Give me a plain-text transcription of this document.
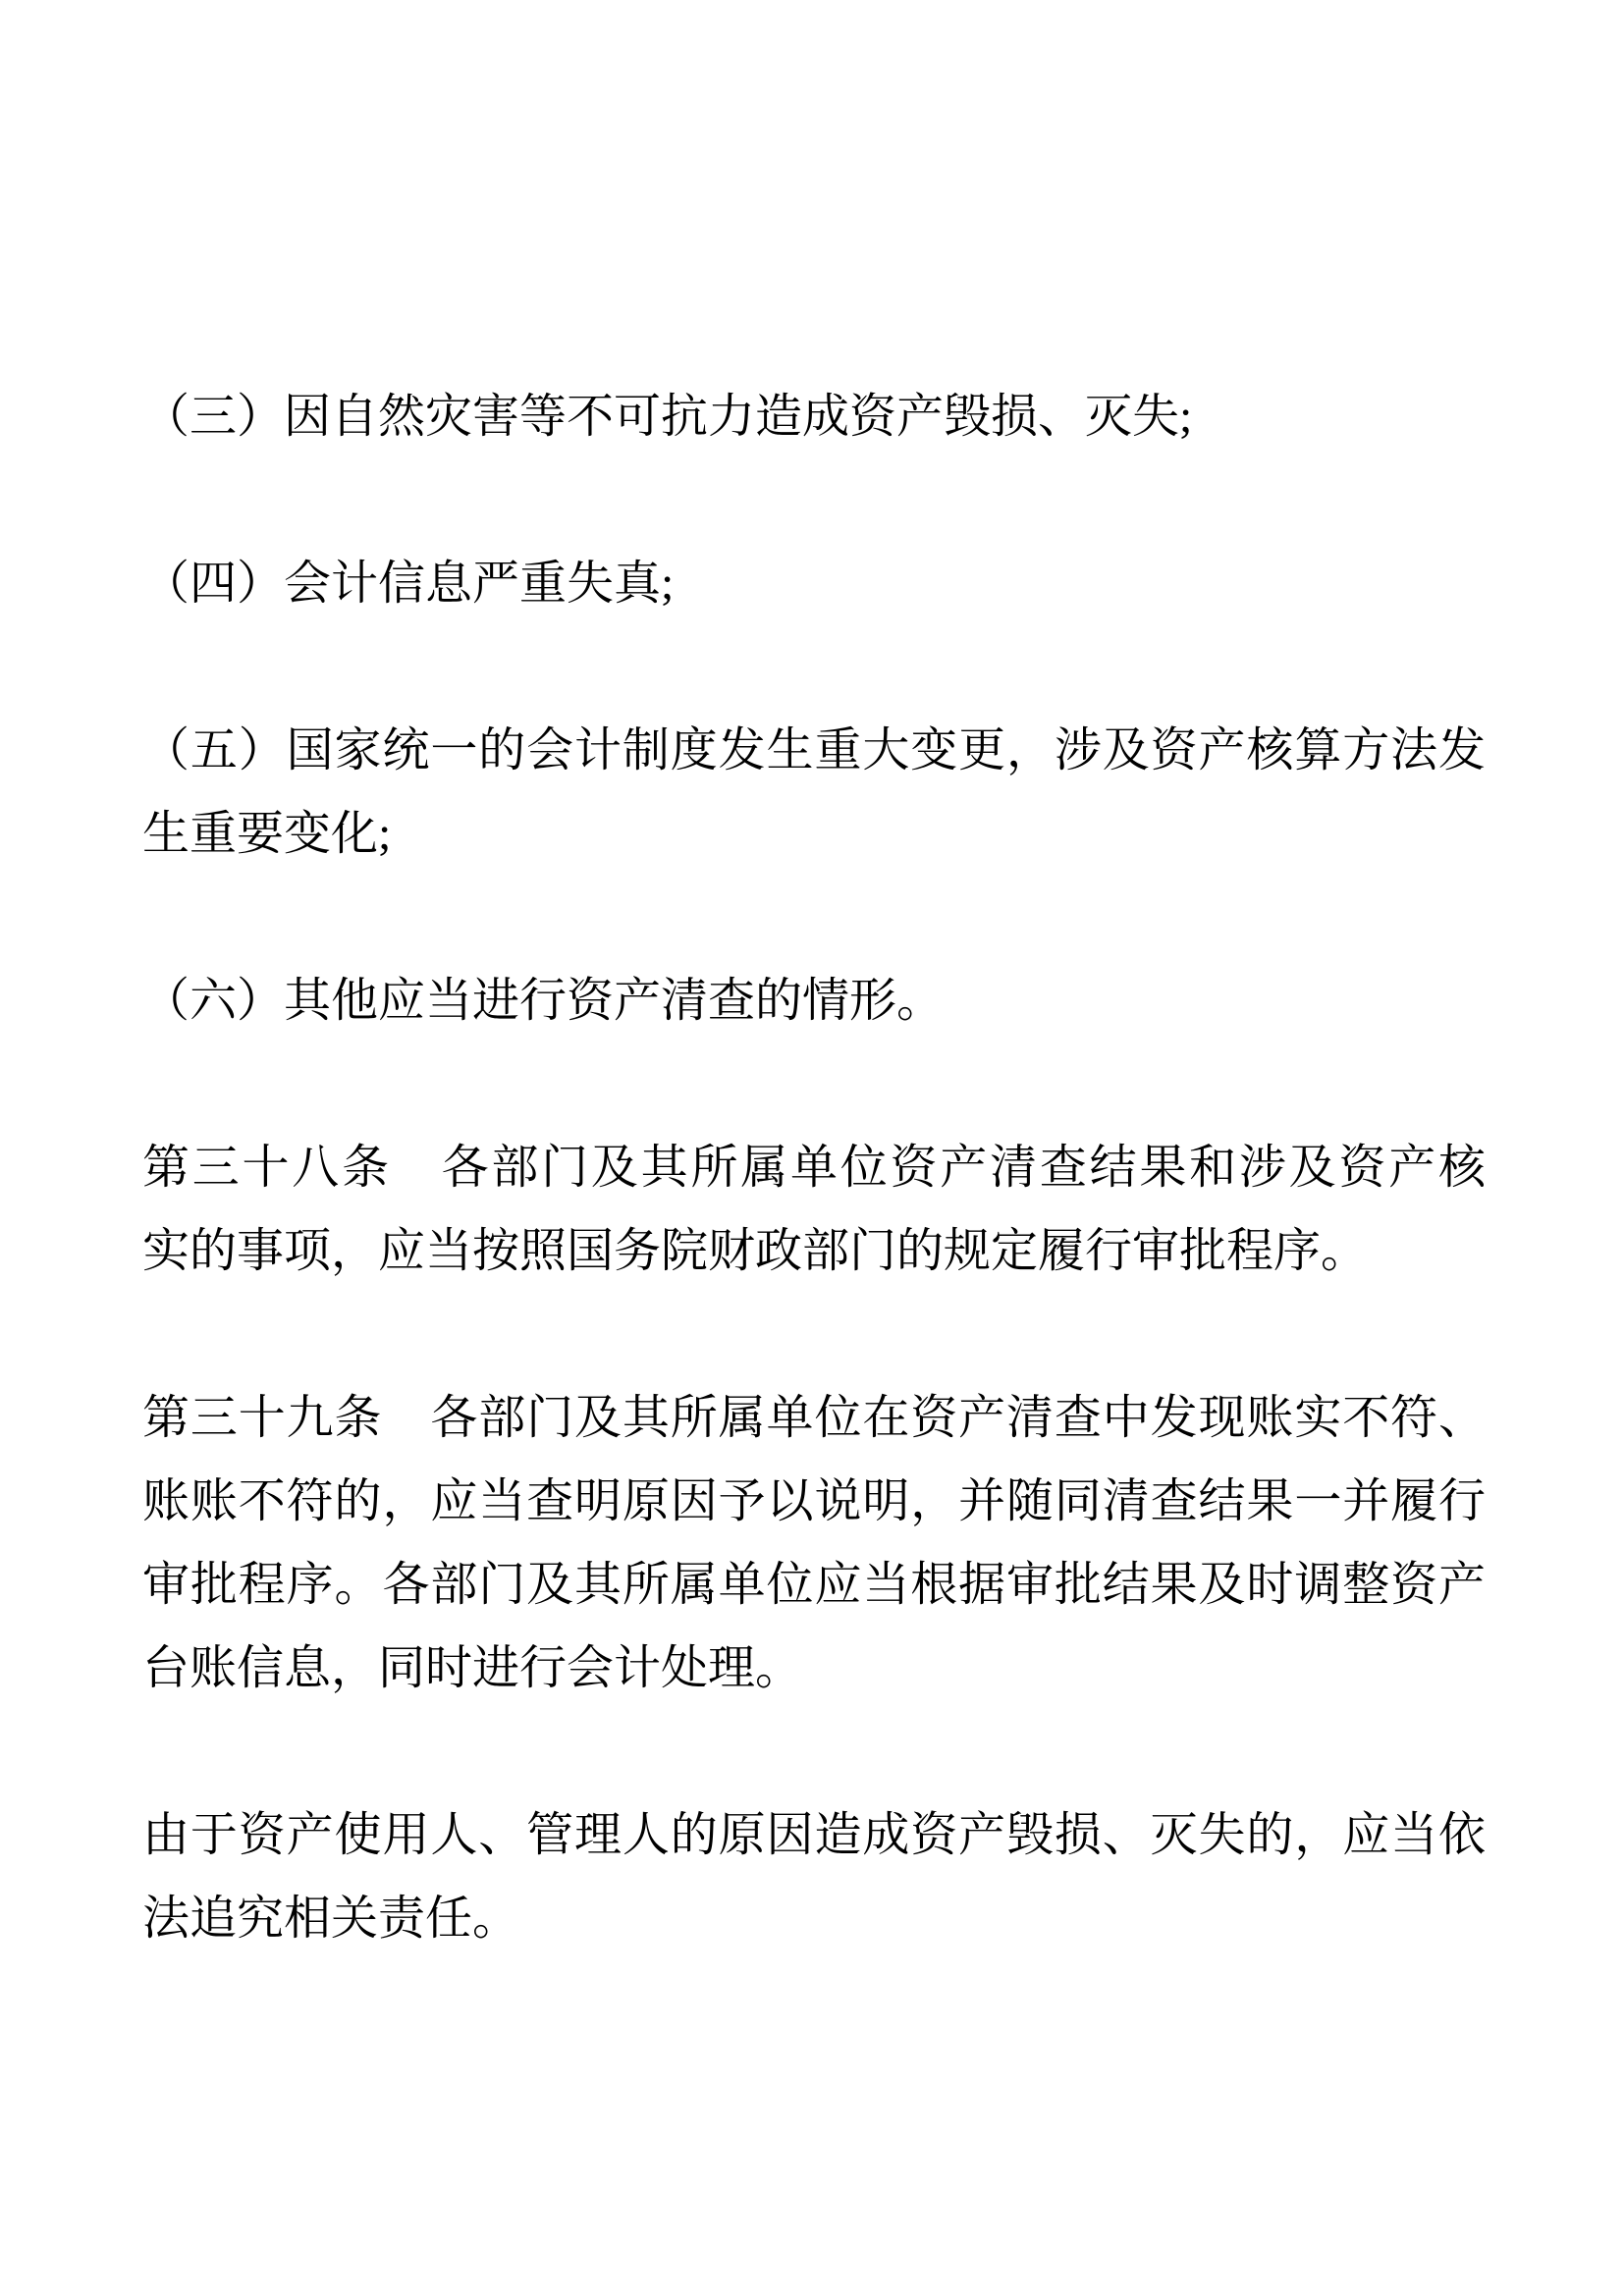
（三）因自然灾害等不可抗力造成资产毁损、灭失;
（四）会计信息严重失真;
（五）国家统一的会计制度发生重大变更，涉及资产核算方法发
生重要变化;
（六）其他应当进行资产清查的情形。
第三十八条　各部门及其所属单位资产清查结果和涉及资产核
实的事项，应当按照国务院财政部门的规定履行审批程序。
第三十九条　各部门及其所属单位在资产清查中发现账实不符、
账账不符的，应当查明原因予以说明，并随同清查结果一并履行
审批程序。各部门及其所属单位应当根据审批结果及时调整资产
台账信息，同时进行会计处理。
由于资产使用人、管理人的原因造成资产毁损、灭失的，应当依
法追究相关责任。
